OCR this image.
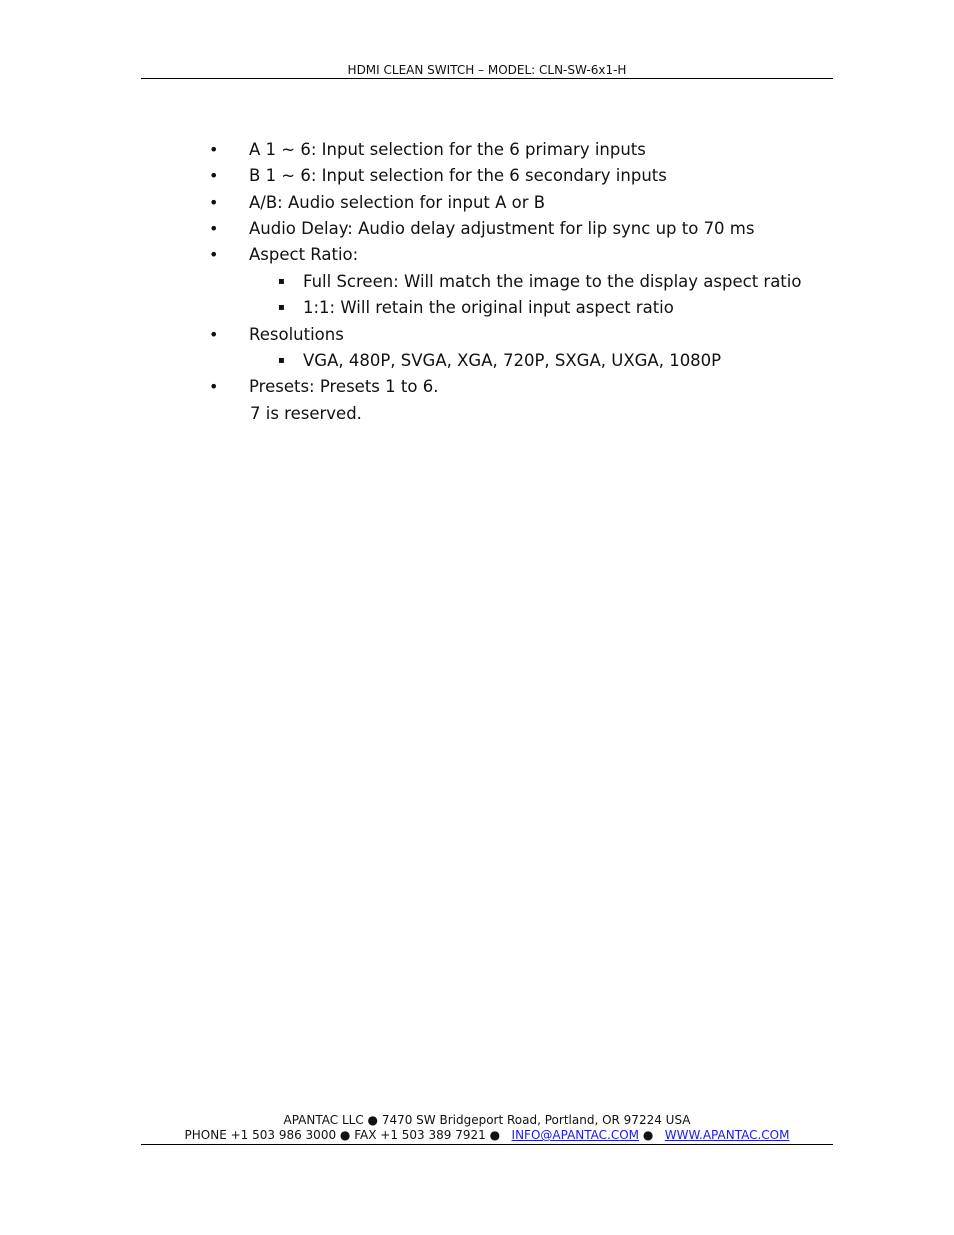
HDMI CLEAN SWITCH – MODEL: CLN-SW-6x1-H
• A 1 ~ 6: Input selection for the 6 primary inputs
• B 1 ~ 6: Input selection for the 6 secondary inputs
• A/B: Audio selection for input A or B
• Audio Delay: Audio delay adjustment for lip sync up to 70 ms
• Aspect Ratio:
▪ Full Screen: Will match the image to the display aspect ratio
▪ 1:1: Will retain the original input aspect ratio
• Resolutions
▪ VGA, 480P, SVGA, XGA, 720P, SXGA, UXGA, 1080P
• Presets: Presets 1 to 6.
7 is reserved.
APANTAC LLC ● 7470 SW Bridgeport Road, Portland, OR 97224 USA
PHONE +1 503 986 3000 ● FAX +1 503 389 7921 ● INFO@APANTAC.COM ● WWW.APANTAC.COM
